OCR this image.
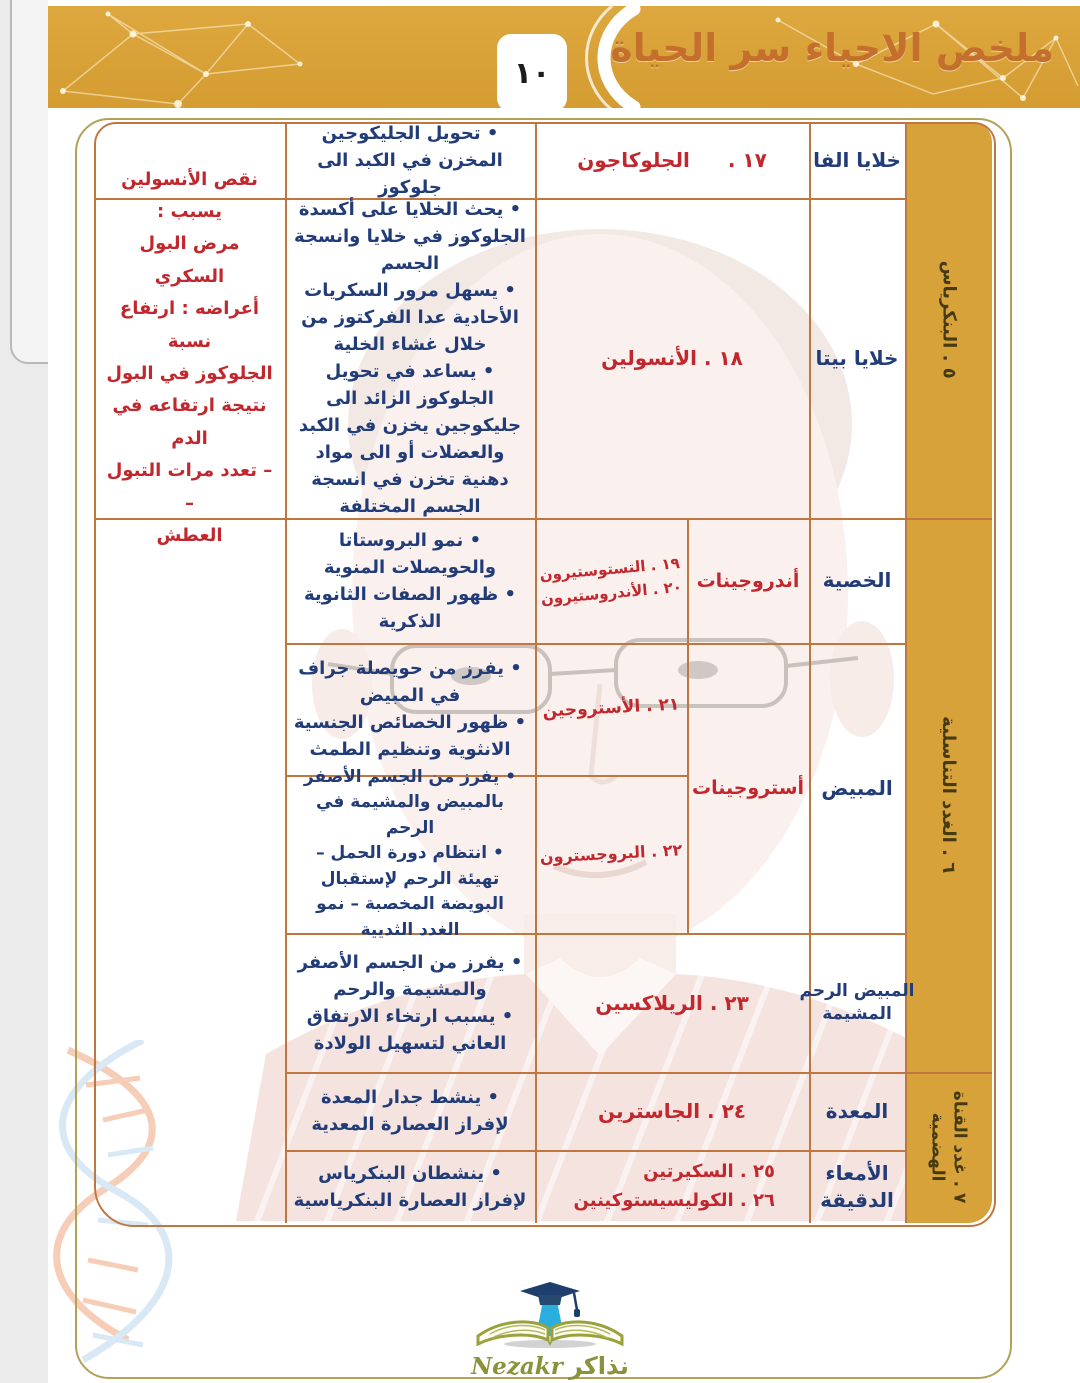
١٠
ملخص الاحياء سر الحياة
٥ . البنكرياس
٦ . الغدد التناسلية
٧ . غدد القناة
الهضمية
خلايا الفا
١٧ .
الجلوكاجون
• تحويل الجليكوجين المخزن في الكبد الى جلوكوز
خلايا بيتا
١٨ . الأنسولين
• يحث الخلايا على أكسدة الجلوكوز في خلايا وانسجة الجسم
• يسهل مرور السكريات الأحادية عدا الفركتوز من خلال غشاء الخلية
• يساعد في تحويل الجلوكوز الزائد الى جليكوجين يخزن في الكبد والعضلات أو الى مواد دهنية تخزن في انسجة الجسم المختلفة
نقص الأنسولين يسبب :
مرض البول السكري
أعراضه : ارتفاع نسبة
الجلوكوز في البول
نتيجة ارتفاعه في الدم
– تعدد مرات التبول –
العطش
الخصية
أندروجينات
١٩ . التستوستيرون
٢٠ . الأندروستيرون
• نمو البروستاتا والحويصلات المنوية
• ظهور الصفات الثانوية الذكرية
المبيض
أستروجينات
٢١ . الأستروجين
• يفرز من حويصلة جراف في المبيض
• ظهور الخصائص الجنسية الانثوية وتنظيم الطمث
٢٢ . البروجسترون
• يفرز من الجسم الأصفر بالمبيض والمشيمة في الرحم
• انتظام دورة الحمل – تهيئة الرحم لإستقبال البويضة المخصبة – نمو الغدد الثديية
المبيض الرحم
المشيمة
٢٣ . الريلاكسين
• يفرز من الجسم الأصفر والمشيمة والرحم
• يسبب ارتخاء الارتفاق العاني لتسهيل الولادة
المعدة
٢٤ . الجاسترين
• ينشط جدار المعدة لإفراز العصارة المعدية
الأمعاء
الدقيقة
٢٥ . السكيرتين
٢٦ . الكوليسيستوكينين
• ينشطان البنكرياس لإفراز العصارة البنكرياسية
نذاكر
Nezakr
